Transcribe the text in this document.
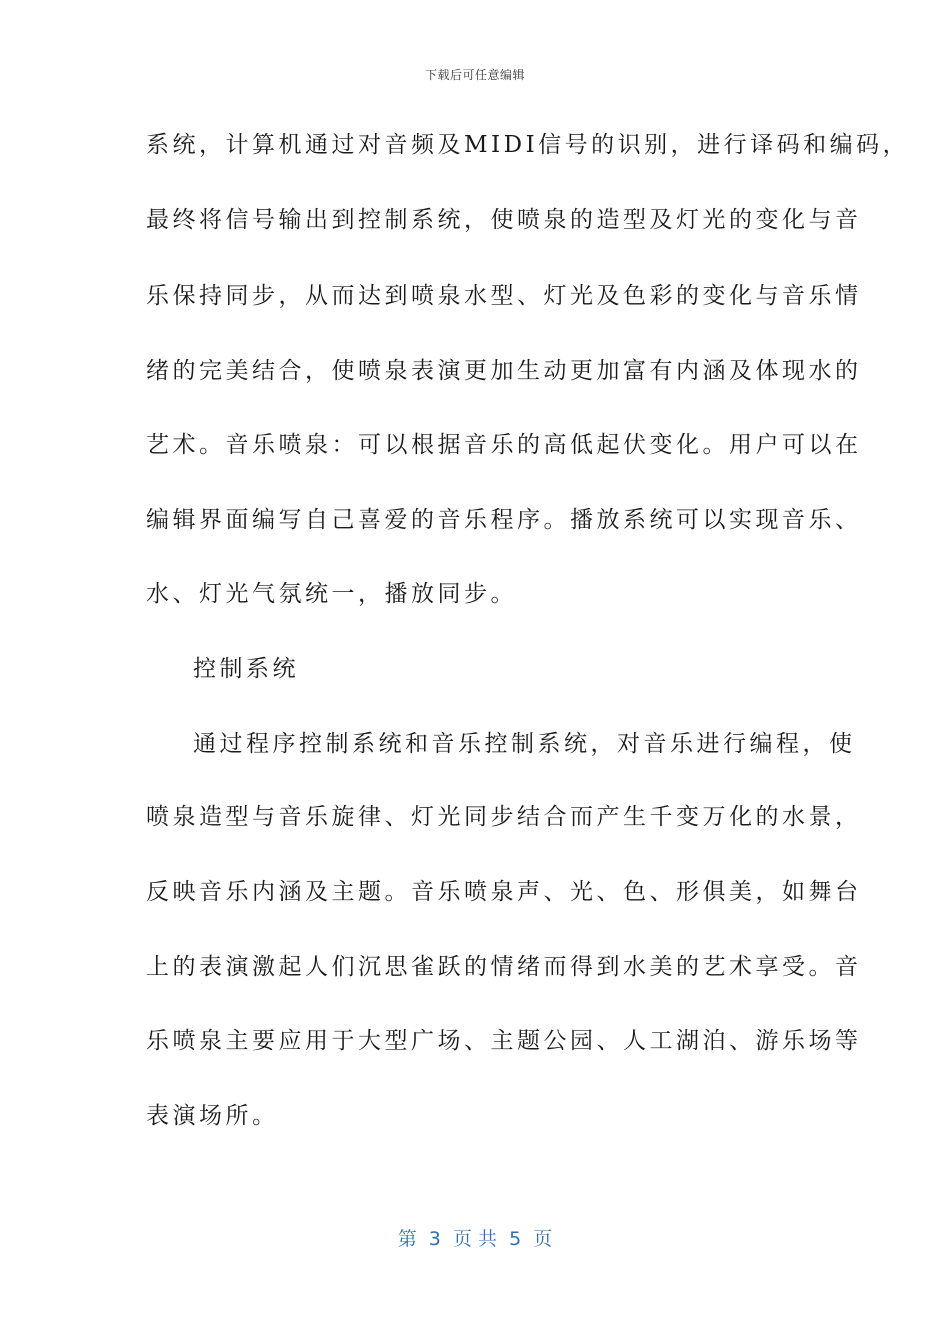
下载后可任意编辑
系统，计算机通过对音频及MIDI信号的识别，进行译码和编码，
最终将信号输出到控制系统，使喷泉的造型及灯光的变化与音
乐保持同步，从而达到喷泉水型、灯光及色彩的变化与音乐情
绪的完美结合，使喷泉表演更加生动更加富有内涵及体现水的
艺术。音乐喷泉：可以根据音乐的高低起伏变化。用户可以在
编辑界面编写自己喜爱的音乐程序。播放系统可以实现音乐、
水、灯光气氛统一，播放同步。
控制系统
通过程序控制系统和音乐控制系统，对音乐进行编程，使
喷泉造型与音乐旋律、灯光同步结合而产生千变万化的水景，
反映音乐内涵及主题。音乐喷泉声、光、色、形俱美，如舞台
上的表演激起人们沉思雀跃的情绪而得到水美的艺术享受。音
乐喷泉主要应用于大型广场、主题公园、人工湖泊、游乐场等
表演场所。
第  3  页 共  5  页
